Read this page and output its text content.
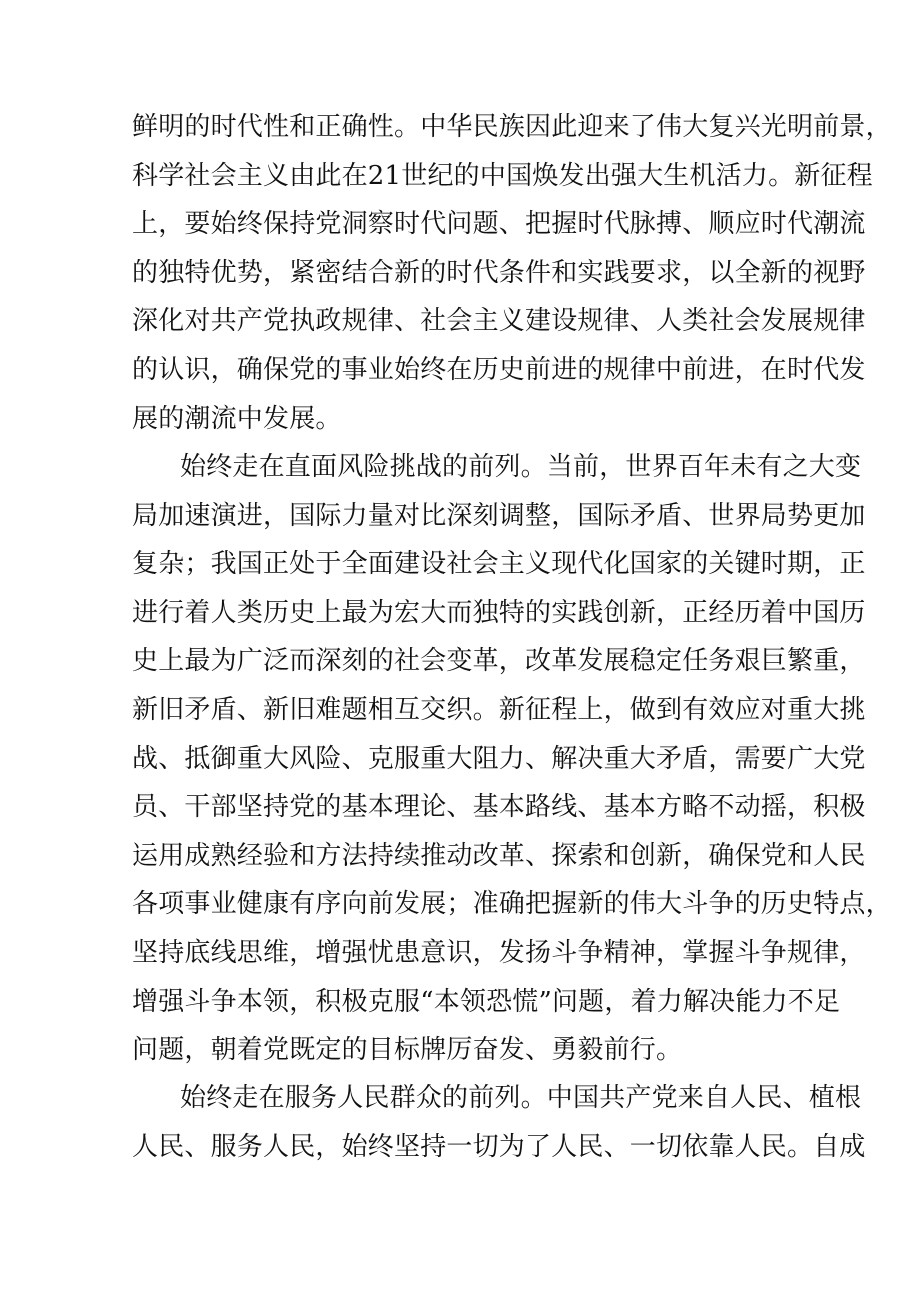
鲜明的时代性和正确性。中华民族因此迎来了伟大复兴光明前景，
科学社会主义由此在21世纪的中国焕发出强大生机活力。新征程
上，要始终保持党洞察时代问题、把握时代脉搏、顺应时代潮流
的独特优势，紧密结合新的时代条件和实践要求，以全新的视野
深化对共产党执政规律、社会主义建设规律、人类社会发展规律
的认识，确保党的事业始终在历史前进的规律中前进，在时代发
展的潮流中发展。
始终走在直面风险挑战的前列。当前，世界百年未有之大变
局加速演进，国际力量对比深刻调整，国际矛盾、世界局势更加
复杂；我国正处于全面建设社会主义现代化国家的关键时期，正
进行着人类历史上最为宏大而独特的实践创新，正经历着中国历
史上最为广泛而深刻的社会变革，改革发展稳定任务艰巨繁重，
新旧矛盾、新旧难题相互交织。新征程上，做到有效应对重大挑
战、抵御重大风险、克服重大阻力、解决重大矛盾，需要广大党
员、干部坚持党的基本理论、基本路线、基本方略不动摇，积极
运用成熟经验和方法持续推动改革、探索和创新，确保党和人民
各项事业健康有序向前发展；准确把握新的伟大斗争的历史特点，
坚持底线思维，增强忧患意识，发扬斗争精神，掌握斗争规律，
增强斗争本领，积极克服“本领恐慌”问题，着力解决能力不足
问题，朝着党既定的目标牌厉奋发、勇毅前行。
始终走在服务人民群众的前列。中国共产党来自人民、植根
人民、服务人民，始终坚持一切为了人民、一切依靠人民。自成
